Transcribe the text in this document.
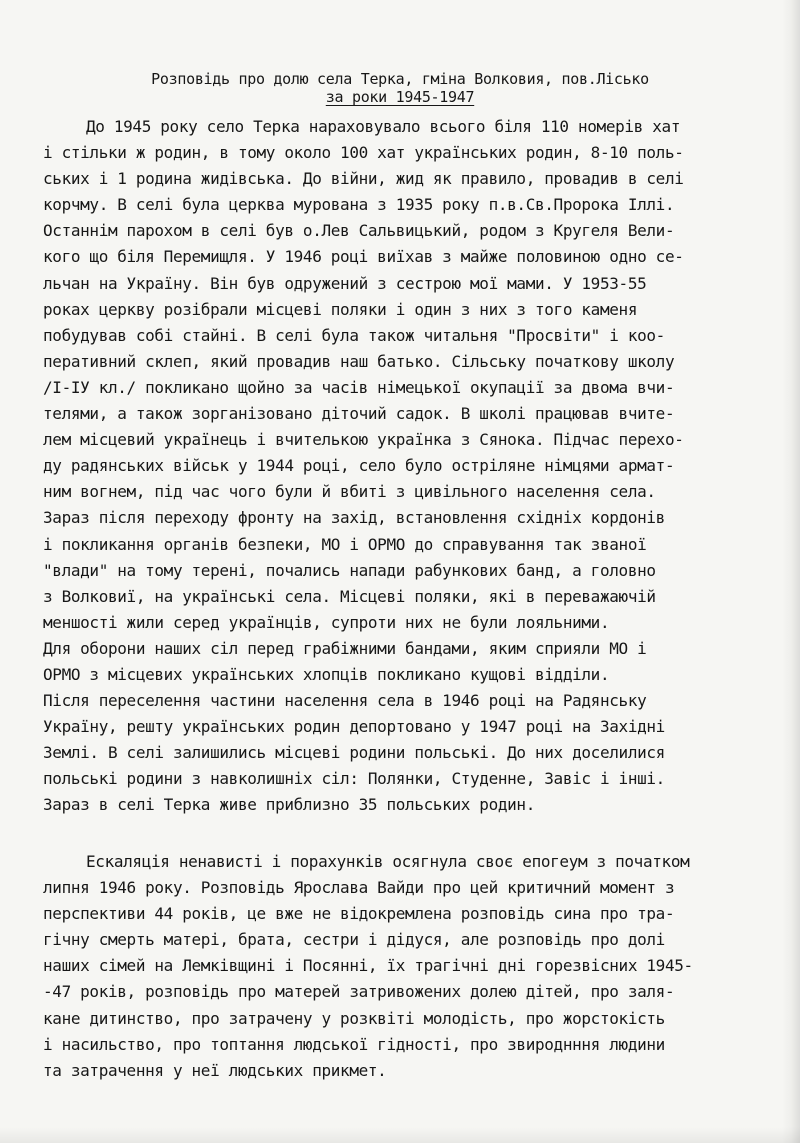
Розповідь про долю села Терка, гміна Волковия, пов.Лісько
за роки 1945-1947
До 1945 року село Терка нараховувало всього біля 110 номерів хат
і стільки ж родин, в тому около 100 хат українських родин, 8-10 поль-
ських і 1 родина жидівська. До війни, жид як правило, провадив в селі
корчму. В селі була церква мурована з 1935 року п.в.Св.Пророка Іллі.
Останнім парохом в селі був о.Лев Сальвицький, родом з Кругеля Вели-
кого що біля Перемищля. У 1946 році виїхав з майже половиною одно се-
льчан на Україну. Він був одружений з сестрою мої мами. У 1953-55
роках церкву розібрали місцеві поляки і один з них з того каменя
побудував собі стайні. В селі була також читальня "Просвіти" і коо-
перативний склеп, який провадив наш батько. Сільську початкову школу
/І-ІУ кл./ покликано щойно за часів німецької окупації за двома вчи-
телями, а також зорганізовано діточий садок. В школі працював вчите-
лем місцевий українець і вчителькою українка з Сянока. Підчас перехо-
ду радянських військ у 1944 році, село було остріляне німцями армат-
ним вогнем, під час чого були й вбиті з цивільного населення села.
Зараз після переходу фронту на захід, встановлення східніх кордонів
і покликання органів безпеки, МО і ОРМО до справування так званої
"влади" на тому терені, почались напади рабункових банд, а головно
з Волковиї, на українські села. Місцеві поляки, які в переважаючій
меншості жили серед українців, супроти них не були лояльними.
Для оборони наших сіл перед грабіжними бандами, яким сприяли МО і
ОРМО з місцевих українських хлопців покликано кущові відділи.
Після переселення частини населення села в 1946 році на Радянську
Україну, решту українських родин депортовано у 1947 році на Західні
Землі. В селі залишились місцеві родини польські. До них доселилися
польські родини з навколишніх сіл: Полянки, Студенне, Завіс і інші.
Зараз в селі Терка живе приблизно 35 польських родин.
Ескаляція ненависті і порахунків осягнула своє епогеум з початком
липня 1946 року. Розповідь Ярослава Вайди про цей критичний момент з
перспективи 44 років, це вже не відокремлена розповідь сина про тра-
гічну смерть матері, брата, сестри і дідуся, але розповідь про долі
наших сімей на Лемківщині і Посянні, їх трагічні дні горезвісних 1945-
-47 років, розповідь про матерей затривожених долею дітей, про заля-
кане дитинство, про затрачену у розквіті молодість, про жорстокість
і насильство, про топтання людської гідності, про звироднння людини
та затрачення у неї людських прикмет.
